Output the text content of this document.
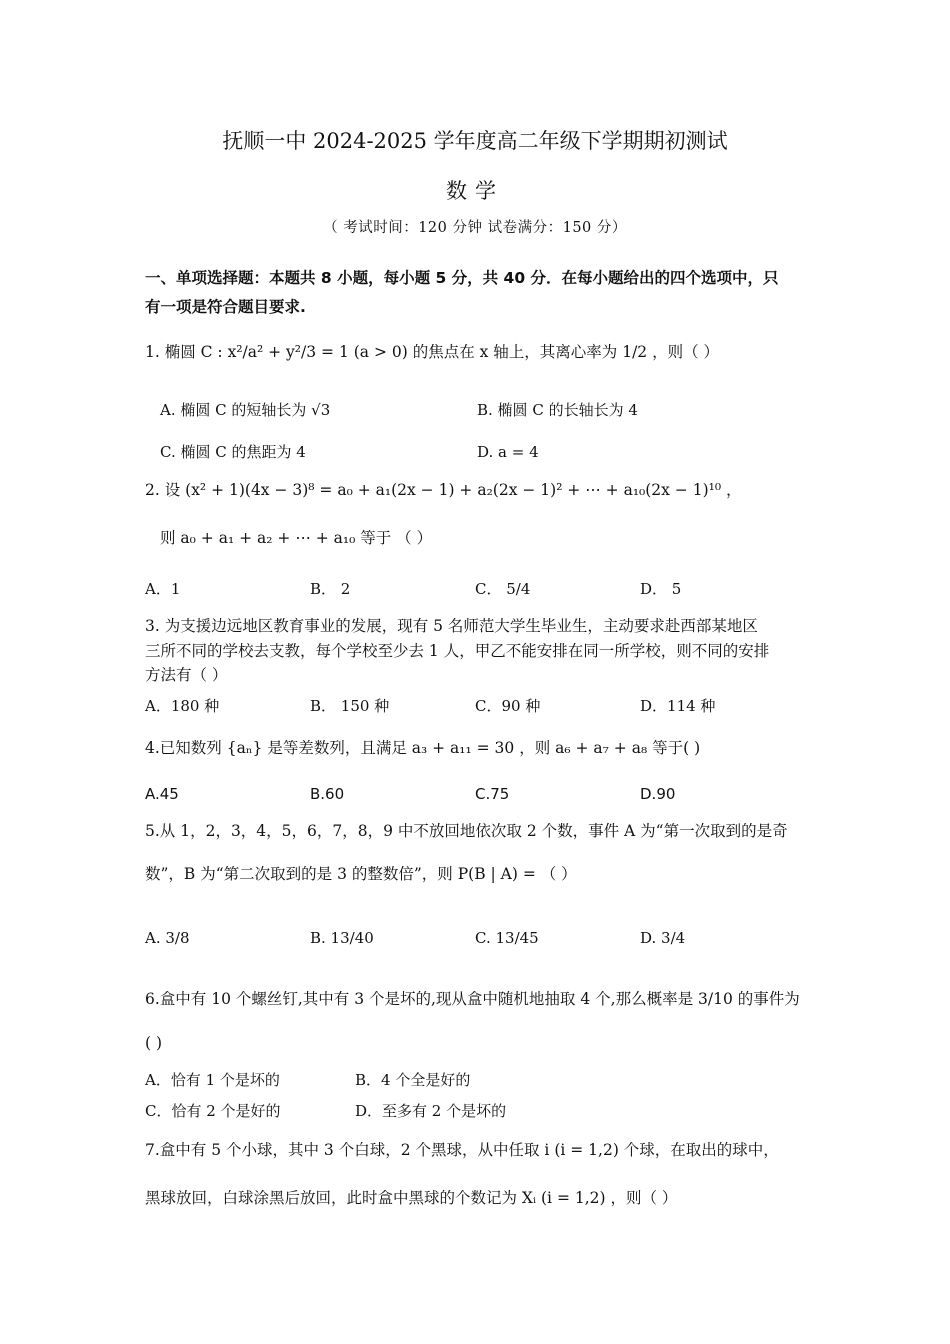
抚顺一中 2024-2025 学年度高二年级下学期期初测试
数学
（ 考试时间：120 分钟 试卷满分：150 分）
一、单项选择题：本题共 8 小题，每小题 5 分，共 40 分．在每小题给出的四个选项中，只
有一项是符合题目要求.
1. 椭圆 C : x²/a² + y²/3 = 1 (a > 0) 的焦点在 x 轴上，其离心率为 1/2 ，则（ ）
A. 椭圆 C 的短轴长为 √3	B. 椭圆 C 的长轴长为 4
C. 椭圆 C 的焦距为 4	D. a = 4
2. 设 (x² + 1)(4x − 3)⁸ = a₀ + a₁(2x − 1) + a₂(2x − 1)² + ⋯ + a₁₀(2x − 1)¹⁰ ，
则 a₀ + a₁ + a₂ + ⋯ + a₁₀ 等于 （ ）
A．1	B． 2	C． 5/4	D． 5
3. 为支援边远地区教育事业的发展，现有 5 名师范大学生毕业生，主动要求赴西部某地区
三所不同的学校去支教，每个学校至少去 1 人，甲乙不能安排在同一所学校，则不同的安排
方法有（ ）
A．180 种	B． 150 种	C．90 种	D．114 种
4.已知数列 {aₙ} 是等差数列，且满足 a₃ + a₁₁ = 30 ，则 a₆ + a₇ + a₈ 等于( )
A.45	B.60	C.75	D.90
5.从 1，2，3，4，5，6，7，8，9 中不放回地依次取 2 个数，事件 A 为“第一次取到的是奇
数”，B 为“第二次取到的是 3 的整数倍”，则 P(B | A) = （ ）
A. 3/8	B. 13/40	C. 13/45	D. 3/4
6.盒中有 10 个螺丝钉,其中有 3 个是坏的,现从盒中随机地抽取 4 个,那么概率是 3/10 的事件为
( )
A．恰有 1 个是坏的	B．4 个全是好的
C．恰有 2 个是好的	D．至多有 2 个是坏的
7.盒中有 5 个小球，其中 3 个白球，2 个黑球，从中任取 i (i = 1,2) 个球，在取出的球中，
黑球放回，白球涂黑后放回，此时盒中黑球的个数记为 Xᵢ (i = 1,2) ，则（ ）
